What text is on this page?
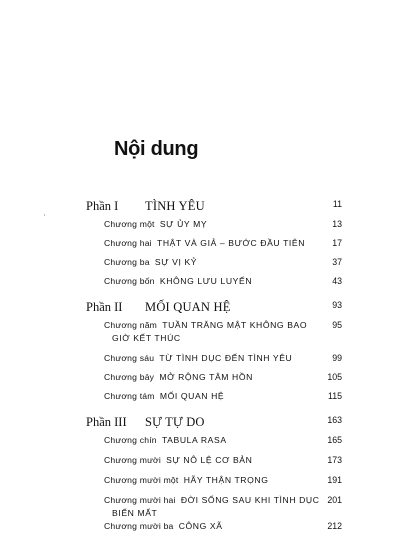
Nội dung
Phần I TÌNH YÊU	11
Chương một SỰ ỦY MỴ	13
Chương hai THẬT VÀ GIẢ – BƯỚC ĐẦU TIÊN	17
Chương ba SỰ VỊ KỶ	37
Chương bốn KHÔNG LƯU LUYẾN	43
Phần II MỐI QUAN HỆ	93
Chương năm TUẦN TRĂNG MẬT KHÔNG BAO	95
GIỜ KẾT THÚC
Chương sáu TỪ TÌNH DỤC ĐẾN TÌNH YÊU	99
Chương bảy MỞ RỘNG TÂM HỒN	105
Chương tám MỐI QUAN HỆ	115
Phần III SỰ TỰ DO	163
Chương chín TABULA RASA	165
Chương mười SỰ NÔ LỆ CƠ BẢN	173
Chương mười một HÃY THẬN TRỌNG	191
Chương mười hai ĐỜI SỐNG SAU KHI TÌNH DỤC 201
BIẾN MẤT
Chương mười ba CÔNG XÃ	212
